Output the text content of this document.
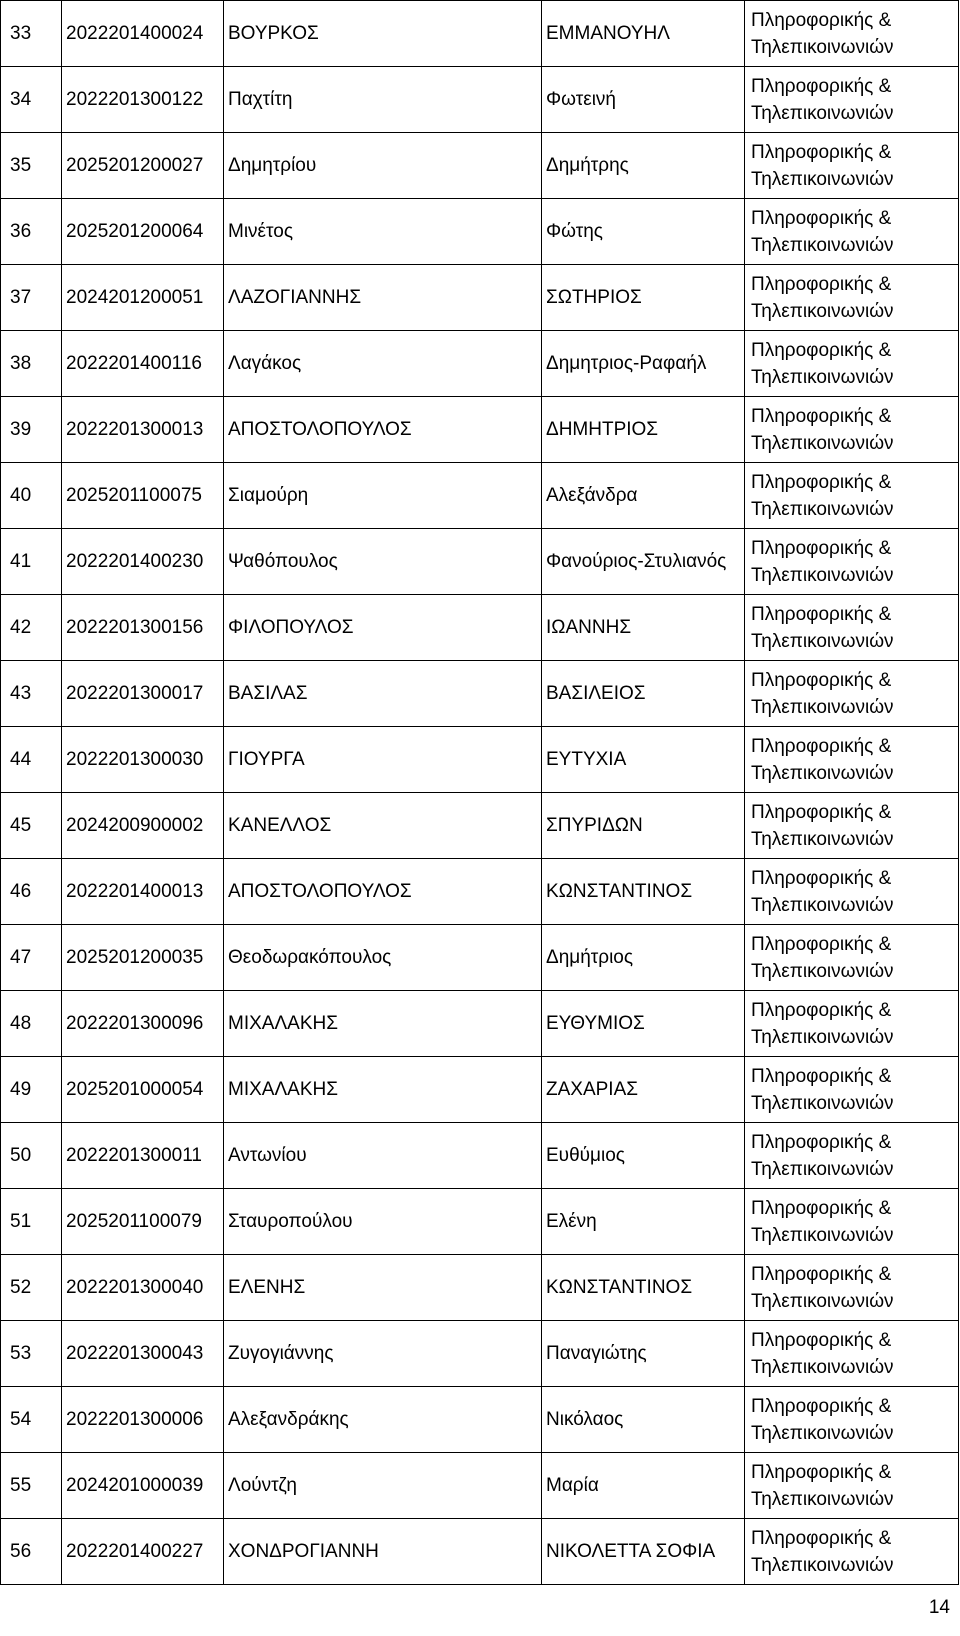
33	2022201400024	ΒΟΥΡΚΟΣ	ΕΜΜΑΝΟΥΗΛ	Πληροφορικής & Τηλεπικοινωνιών
34	2022201300122	Παχτίτη	Φωτεινή	Πληροφορικής & Τηλεπικοινωνιών
35	2025201200027	Δημητρίου	Δημήτρης	Πληροφορικής & Τηλεπικοινωνιών
36	2025201200064	Μινέτος	Φώτης	Πληροφορικής & Τηλεπικοινωνιών
37	2024201200051	ΛΑΖΟΓΙΑΝΝΗΣ	ΣΩΤΗΡΙΟΣ	Πληροφορικής & Τηλεπικοινωνιών
38	2022201400116	Λαγάκος	Δημητριος-Ραφαήλ	Πληροφορικής & Τηλεπικοινωνιών
39	2022201300013	ΑΠΟΣΤΟΛΟΠΟΥΛΟΣ	ΔΗΜΗΤΡΙΟΣ	Πληροφορικής & Τηλεπικοινωνιών
40	2025201100075	Σιαμούρη	Αλεξάνδρα	Πληροφορικής & Τηλεπικοινωνιών
41	2022201400230	Ψαθόπουλος	Φανούριος-Στυλιανός	Πληροφορικής & Τηλεπικοινωνιών
42	2022201300156	ΦΙΛΟΠΟΥΛΟΣ	ΙΩΑΝΝΗΣ	Πληροφορικής & Τηλεπικοινωνιών
43	2022201300017	ΒΑΣΙΛΑΣ	ΒΑΣΙΛΕΙΟΣ	Πληροφορικής & Τηλεπικοινωνιών
44	2022201300030	ΓΙΟΥΡΓΑ	ΕΥΤΥΧΙΑ	Πληροφορικής & Τηλεπικοινωνιών
45	2024200900002	ΚΑΝΕΛΛΟΣ	ΣΠΥΡΙΔΩΝ	Πληροφορικής & Τηλεπικοινωνιών
46	2022201400013	ΑΠΟΣΤΟΛΟΠΟΥΛΟΣ	ΚΩΝΣΤΑΝΤΙΝΟΣ	Πληροφορικής & Τηλεπικοινωνιών
47	2025201200035	Θεοδωρακόπουλος	Δημήτριος	Πληροφορικής & Τηλεπικοινωνιών
48	2022201300096	ΜΙΧΑΛΑΚΗΣ	ΕΥΘΥΜΙΟΣ	Πληροφορικής & Τηλεπικοινωνιών
49	2025201000054	ΜΙΧΑΛΑΚΗΣ	ΖΑΧΑΡΙΑΣ	Πληροφορικής & Τηλεπικοινωνιών
50	2022201300011	Αντωνίου	Ευθύμιος	Πληροφορικής & Τηλεπικοινωνιών
51	2025201100079	Σταυροπούλου	Ελένη	Πληροφορικής & Τηλεπικοινωνιών
52	2022201300040	ΕΛΕΝΗΣ	ΚΩΝΣΤΑΝΤΙΝΟΣ	Πληροφορικής & Τηλεπικοινωνιών
53	2022201300043	Ζυγογιάννης	Παναγιώτης	Πληροφορικής & Τηλεπικοινωνιών
54	2022201300006	Αλεξανδράκης	Νικόλαος	Πληροφορικής & Τηλεπικοινωνιών
55	2024201000039	Λούντζη	Μαρία	Πληροφορικής & Τηλεπικοινωνιών
56	2022201400227	ΧΟΝΔΡΟΓΙΑΝΝΗ	ΝΙΚΟΛΕΤΤΑ ΣΟΦΙΑ	Πληροφορικής & Τηλεπικοινωνιών
14
